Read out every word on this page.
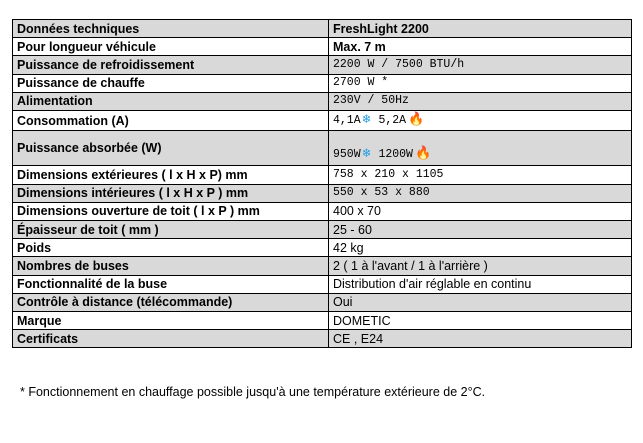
Données techniques	FreshLight 2200
Pour longueur véhicule	Max. 7 m
Puissance de refroidissement	2200 W / 7500 BTU/h
Puissance de chauffe	2700 W *
Alimentation	230V / 50Hz
Consommation (A)	4,1A ❄ 5,2A 🔥
Puissance absorbée (W)	950W ❄ 1200W 🔥
Dimensions extérieures ( l x H x P) mm	758 x 210 x 1105
Dimensions intérieures ( l x H x P ) mm	550 x 53 x 880
Dimensions ouverture de toit ( l x P ) mm	400 x 70
Épaisseur de toit ( mm )	25 - 60
Poids	42 kg
Nombres de buses	2 ( 1 à l'avant / 1 à l'arrière )
Fonctionnalité de la buse	Distribution d'air réglable en continu
Contrôle à distance (télécommande)	Oui
Marque	DOMETIC
Certificats	CE , E24
* Fonctionnement en chauffage possible jusqu'à une température extérieure de 2°C.
